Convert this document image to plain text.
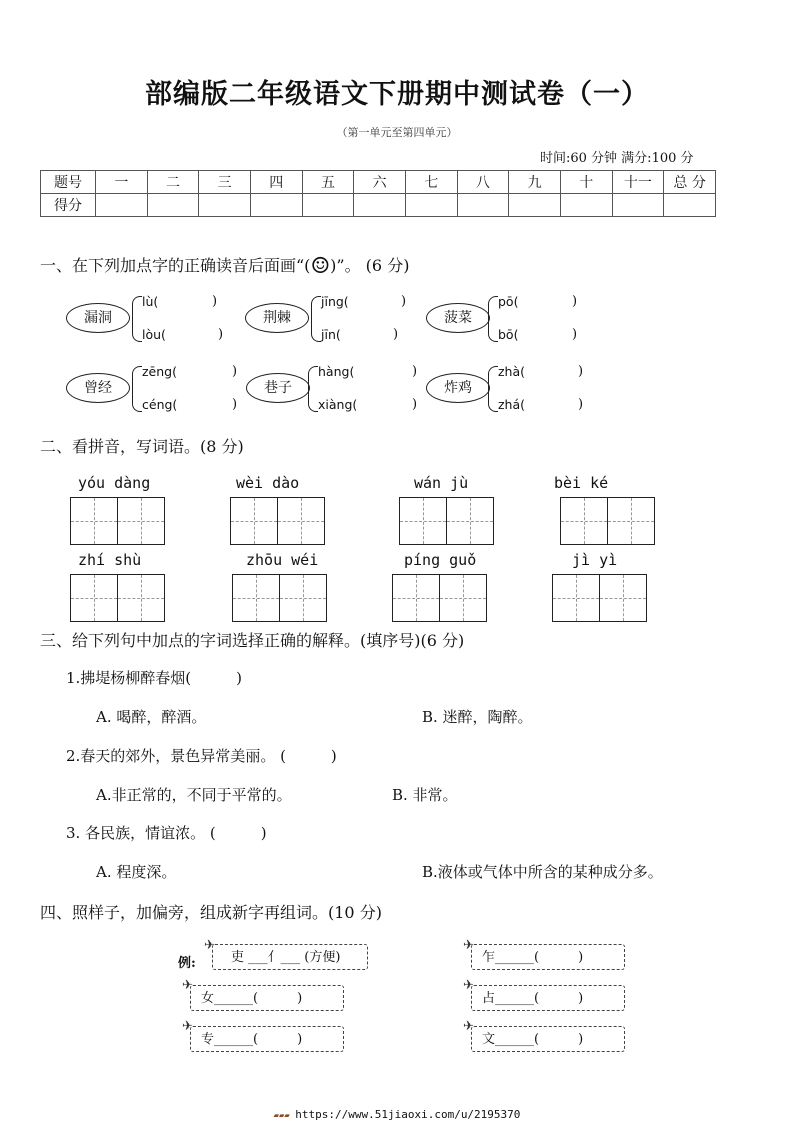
部编版二年级语文下册期中测试卷（一）
（第一单元至第四单元）
时间:60 分钟 满分:100 分
题号	一	二	三	四	五	六	七	八	九	十	十一	总 分
得分												
一、在下列加点字的正确读音后面画“(☺)”。 (6 分)
漏洞
lù(	)
lòu(	)
荆棘
jīng(	)
jīn(	)
菠菜
pō(	)
bō(	)
曾经
zēng(	)
céng(	)
巷子
hàng(	)
xiàng(	)
炸鸡
zhà(	)
zhá(	)
二、看拼音，写词语。(8 分)
yóu dàng	wèi dào	wán jù	bèi ké
zhí shù	zhōu wéi	píng guǒ	jì yì
三、给下列句中加点的字词选择正确的解释。(填序号)(6 分)
1.拂堤杨柳醉春烟(　　　)
A. 喝醉，醉酒。	B. 迷醉，陶醉。
2.春天的郊外，景色异常美丽。 (　　　)
A.非正常的，不同于平常的。	B. 非常。
3. 各民族，情谊浓。 (　　　)
A. 程度深。	B.液体或气体中所含的某种成分多。
四、照样子，加偏旁，组成新字再组词。(10 分)
例:
✈
吏 ___亻___ (方便)
✈
女______(　　　)
✈
专______(　　　)
✈
乍______(　　　)
✈
占______(　　　)
✈
文______(　　　)
▰▰▰ https://www.51jiaoxi.com/u/2195370
